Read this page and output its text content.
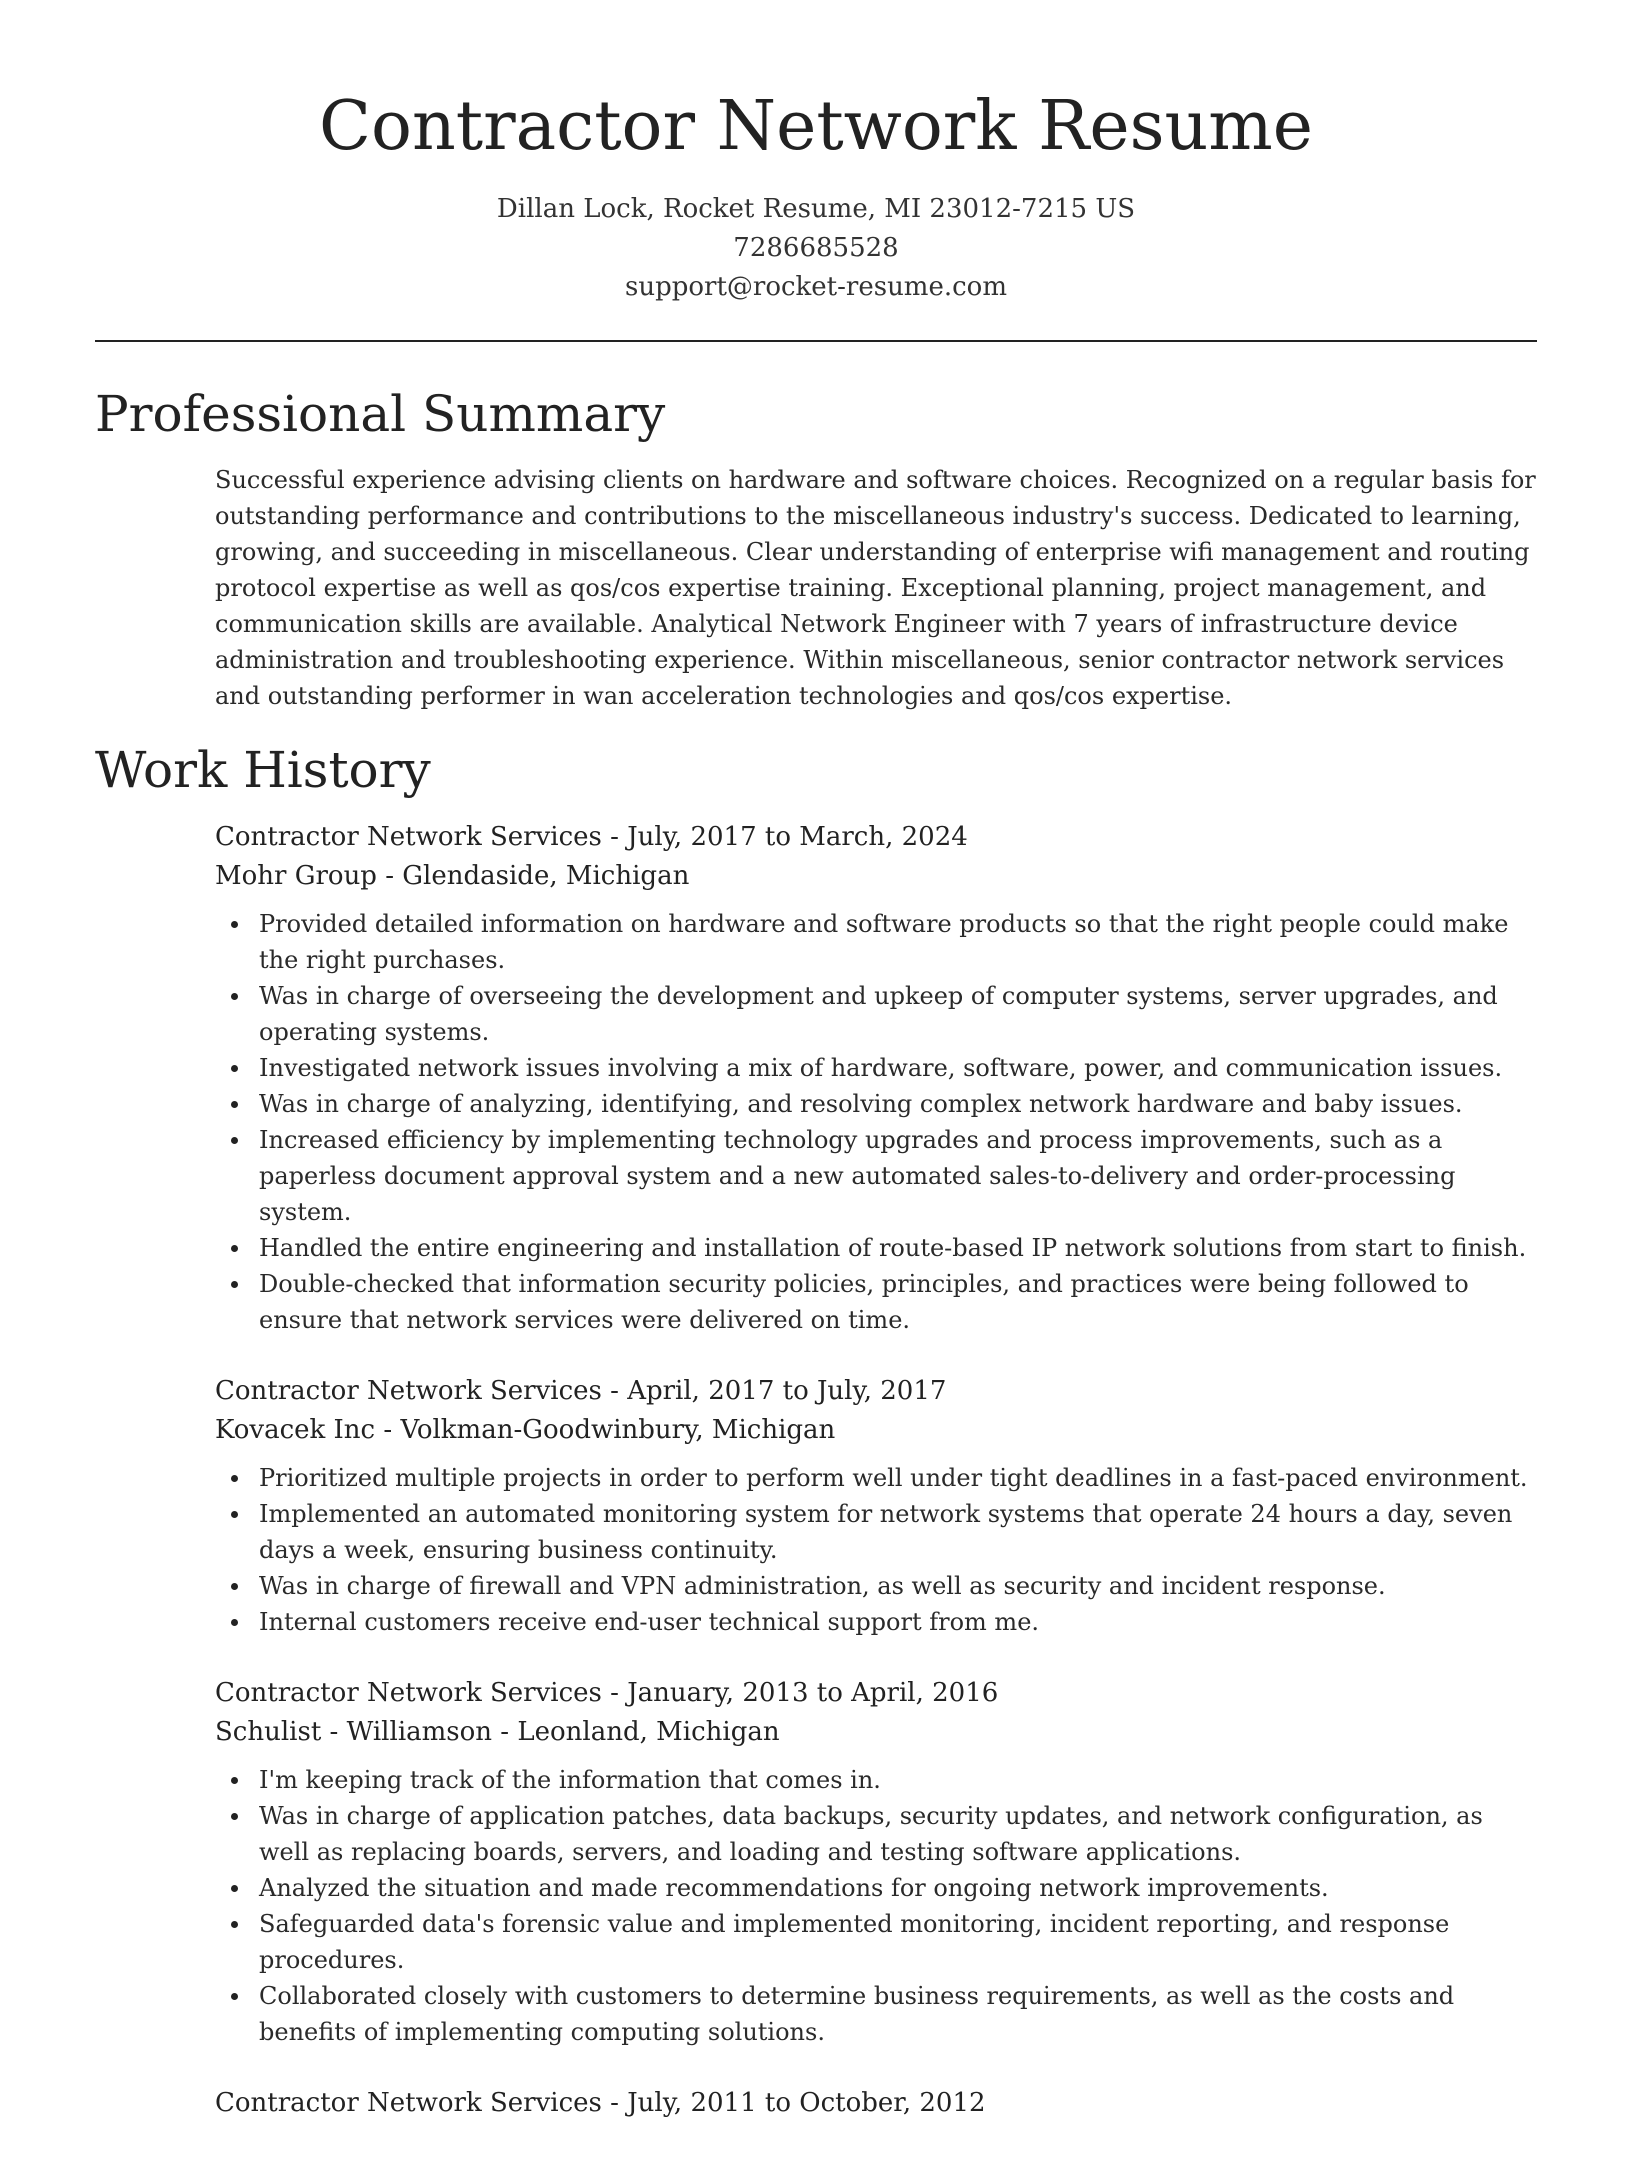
Contractor Network Resume
Dillan Lock, Rocket Resume, MI 23012-7215 US
7286685528
support@rocket-resume.com
Professional Summary
Successful experience advising clients on hardware and software choices. Recognized on a regular basis for outstanding performance and contributions to the miscellaneous industry's success. Dedicated to learning, growing, and succeeding in miscellaneous. Clear understanding of enterprise wifi management and routing protocol expertise as well as qos/cos expertise training. Exceptional planning, project management, and communication skills are available. Analytical Network Engineer with 7 years of infrastructure device administration and troubleshooting experience. Within miscellaneous, senior contractor network services and outstanding performer in wan acceleration technologies and qos/cos expertise.
Work History
Contractor Network Services - July, 2017 to March, 2024
Mohr Group - Glendaside, Michigan
Provided detailed information on hardware and software products so that the right people could make the right purchases.
Was in charge of overseeing the development and upkeep of computer systems, server upgrades, and operating systems.
Investigated network issues involving a mix of hardware, software, power, and communication issues.
Was in charge of analyzing, identifying, and resolving complex network hardware and baby issues.
Increased efficiency by implementing technology upgrades and process improvements, such as a paperless document approval system and a new automated sales-to-delivery and order-processing system.
Handled the entire engineering and installation of route-based IP network solutions from start to finish.
Double-checked that information security policies, principles, and practices were being followed to ensure that network services were delivered on time.
Contractor Network Services - April, 2017 to July, 2017
Kovacek Inc - Volkman-Goodwinbury, Michigan
Prioritized multiple projects in order to perform well under tight deadlines in a fast-paced environment.
Implemented an automated monitoring system for network systems that operate 24 hours a day, seven days a week, ensuring business continuity.
Was in charge of firewall and VPN administration, as well as security and incident response.
Internal customers receive end-user technical support from me.
Contractor Network Services - January, 2013 to April, 2016
Schulist - Williamson - Leonland, Michigan
I'm keeping track of the information that comes in.
Was in charge of application patches, data backups, security updates, and network configuration, as well as replacing boards, servers, and loading and testing software applications.
Analyzed the situation and made recommendations for ongoing network improvements.
Safeguarded data's forensic value and implemented monitoring, incident reporting, and response procedures.
Collaborated closely with customers to determine business requirements, as well as the costs and benefits of implementing computing solutions.
Contractor Network Services - July, 2011 to October, 2012
